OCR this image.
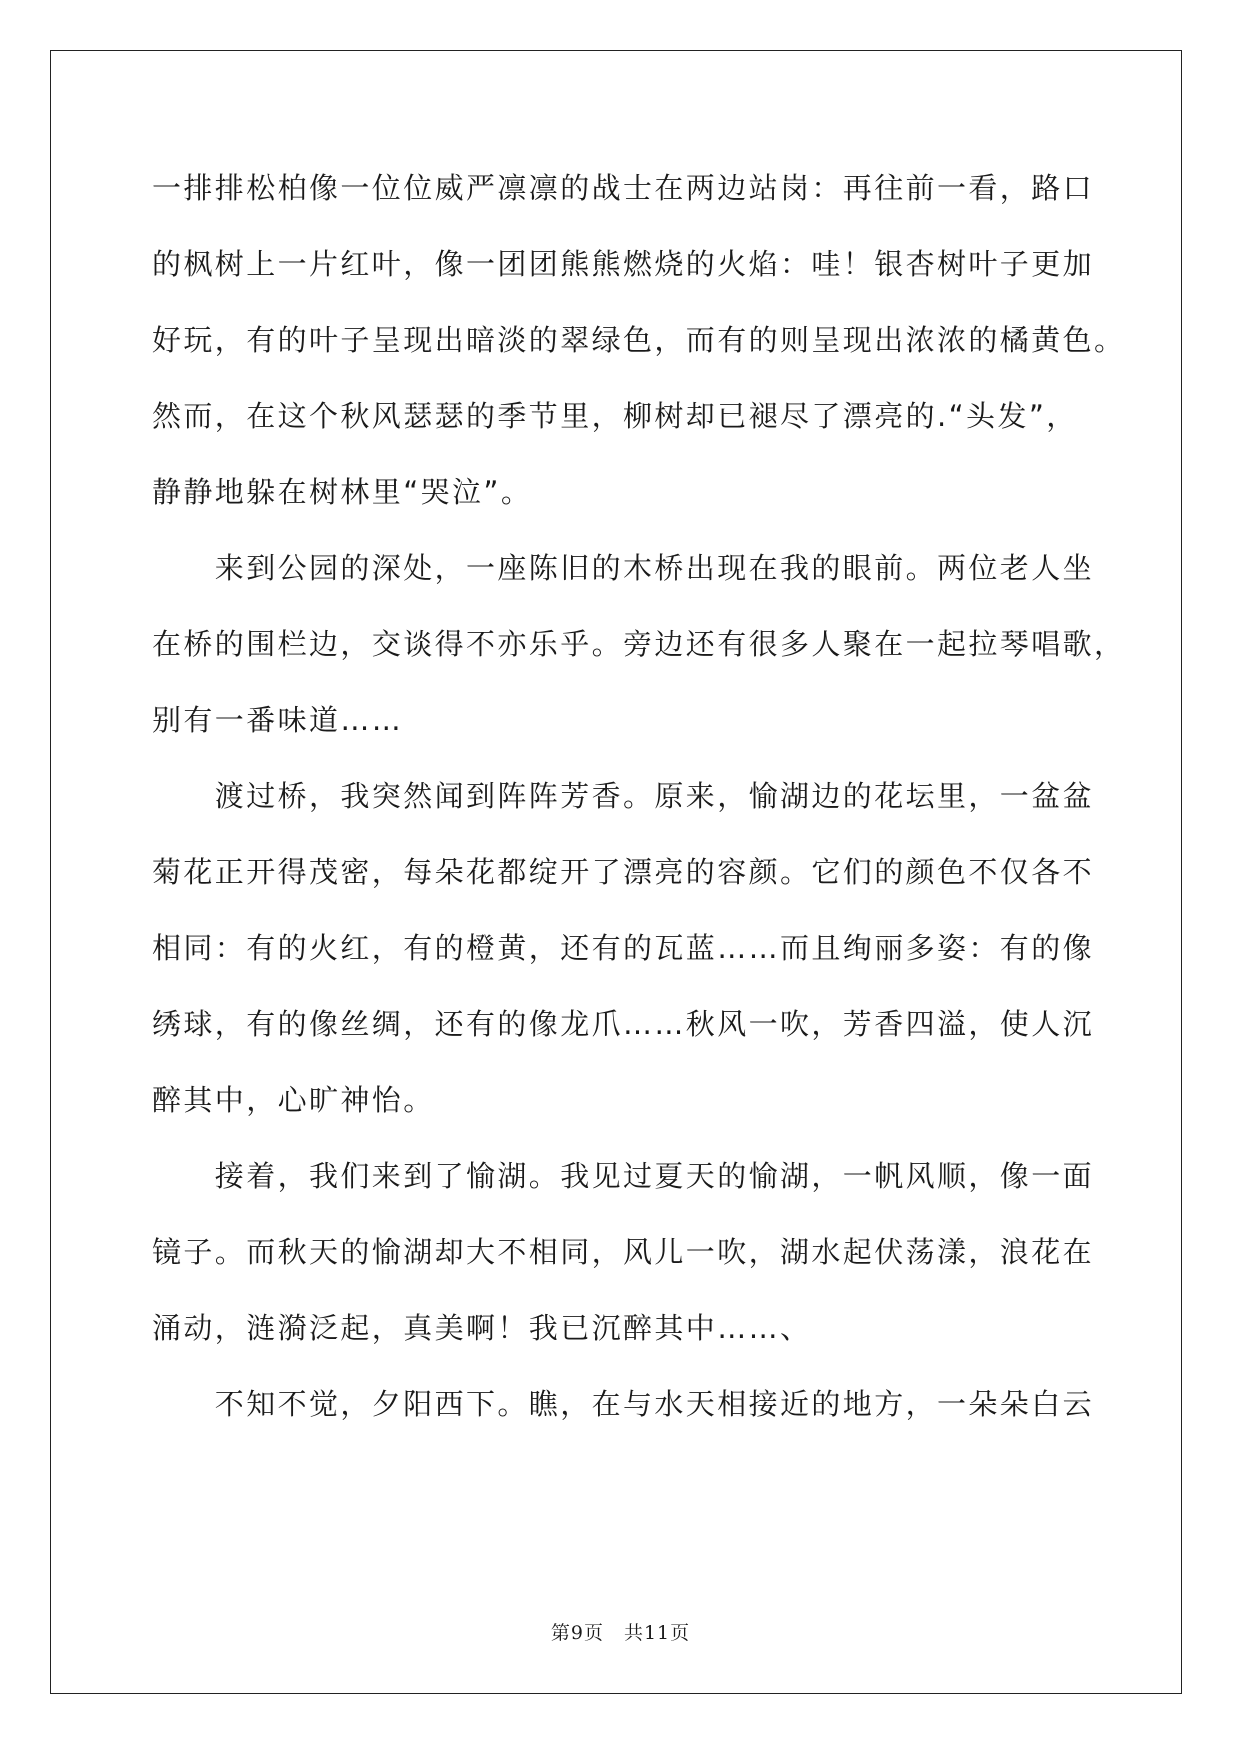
一排排松柏像一位位威严凛凛的战士在两边站岗：再往前一看，路口
的枫树上一片红叶，像一团团熊熊燃烧的火焰：哇！银杏树叶子更加
好玩，有的叶子呈现出暗淡的翠绿色，而有的则呈现出浓浓的橘黄色。
然而，在这个秋风瑟瑟的季节里，柳树却已褪尽了漂亮的.“头发”，
静静地躲在树林里“哭泣”。
　　来到公园的深处，一座陈旧的木桥出现在我的眼前。两位老人坐
在桥的围栏边，交谈得不亦乐乎。旁边还有很多人聚在一起拉琴唱歌，
别有一番味道……
　　渡过桥，我突然闻到阵阵芳香。原来，愉湖边的花坛里，一盆盆
菊花正开得茂密，每朵花都绽开了漂亮的容颜。它们的颜色不仅各不
相同：有的火红，有的橙黄，还有的瓦蓝……而且绚丽多姿：有的像
绣球，有的像丝绸，还有的像龙爪……秋风一吹，芳香四溢，使人沉
醉其中，心旷神怡。
　　接着，我们来到了愉湖。我见过夏天的愉湖，一帆风顺，像一面
镜子。而秋天的愉湖却大不相同，风儿一吹，湖水起伏荡漾，浪花在
涌动，涟漪泛起，真美啊！我已沉醉其中……、
　　不知不觉，夕阳西下。瞧，在与水天相接近的地方，一朵朵白云
第9页　共11页
